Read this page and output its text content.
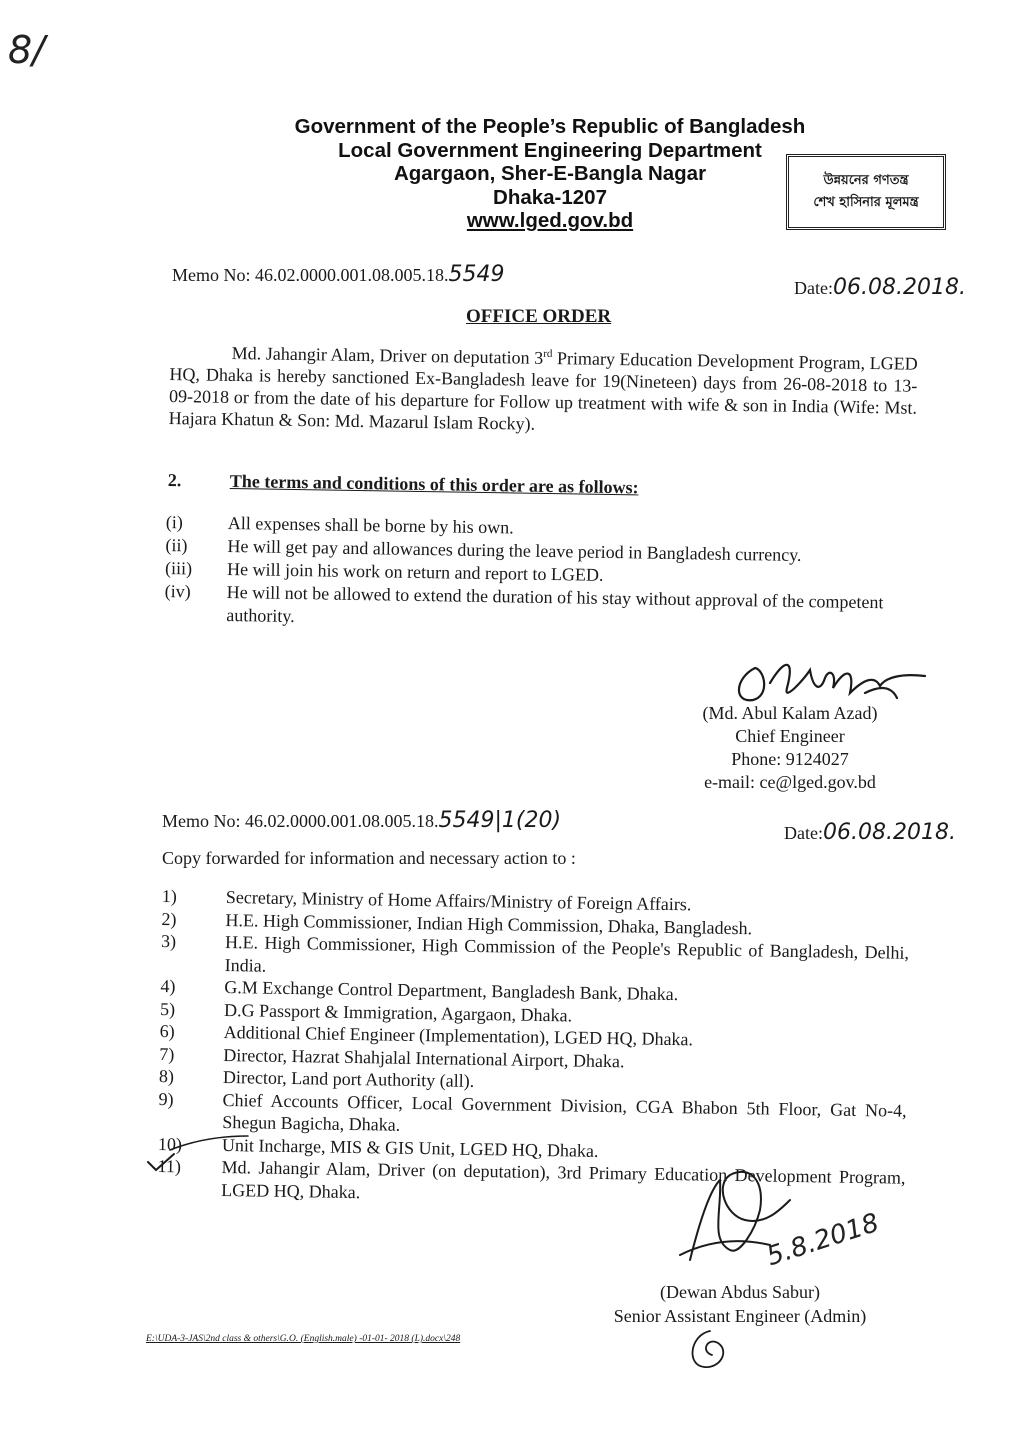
8/
Government of the People’s Republic of Bangladesh
Local Government Engineering Department
Agargaon, Sher-E-Bangla Nagar
Dhaka-1207
www.lged.gov.bd
উন্নয়নের গণতন্ত্র
শেখ হাসিনার মূলমন্ত্র
Memo No: 46.02.0000.001.08.005.18.5549
Date:06.08.2018.
OFFICE ORDER
Md. Jahangir Alam, Driver on deputation 3rd Primary Education Development Program, LGED HQ, Dhaka is hereby sanctioned Ex-Bangladesh leave for 19(Nineteen) days from 26-08-2018 to 13-09-2018 or from the date of his departure for Follow up treatment with wife & son in India (Wife: Mst. Hajara Khatun & Son: Md. Mazarul Islam Rocky).
2.	The terms and conditions of this order are as follows:
(i)	All expenses shall be borne by his own.
(ii)	He will get pay and allowances during the leave period in Bangladesh currency.
(iii)	He will join his work on return and report to LGED.
(iv)	He will not be allowed to extend the duration of his stay without approval of the competent authority.
(Md. Abul Kalam Azad)
Chief Engineer
Phone: 9124027
e-mail: ce@lged.gov.bd
Memo No: 46.02.0000.001.08.005.18.5549|1(20)	Date:06.08.2018.
Copy forwarded for information and necessary action to :
1)	Secretary, Ministry of Home Affairs/Ministry of Foreign Affairs.
2)	H.E. High Commissioner, Indian High Commission, Dhaka, Bangladesh.
3)	H.E. High Commissioner, High Commission of the People's Republic of Bangladesh, Delhi, India.
4)	G.M Exchange Control Department, Bangladesh Bank, Dhaka.
5)	D.G Passport & Immigration, Agargaon, Dhaka.
6)	Additional Chief Engineer (Implementation), LGED HQ, Dhaka.
7)	Director, Hazrat Shahjalal International Airport, Dhaka.
8)	Director, Land port Authority (all).
9)	Chief Accounts Officer, Local Government Division, CGA Bhabon 5th Floor, Gat No-4, Shegun Bagicha, Dhaka.
10)	Unit Incharge, MIS & GIS Unit, LGED HQ, Dhaka.
11)	Md. Jahangir Alam, Driver (on deputation), 3rd Primary Education Development Program, LGED HQ, Dhaka.
5.8.2018
(Dewan Abdus Sabur)
Senior Assistant Engineer (Admin)
E:\UDA-3-JAS\2nd class & others\G.O. (English.male) -01-01- 2018 (L).docx\248
